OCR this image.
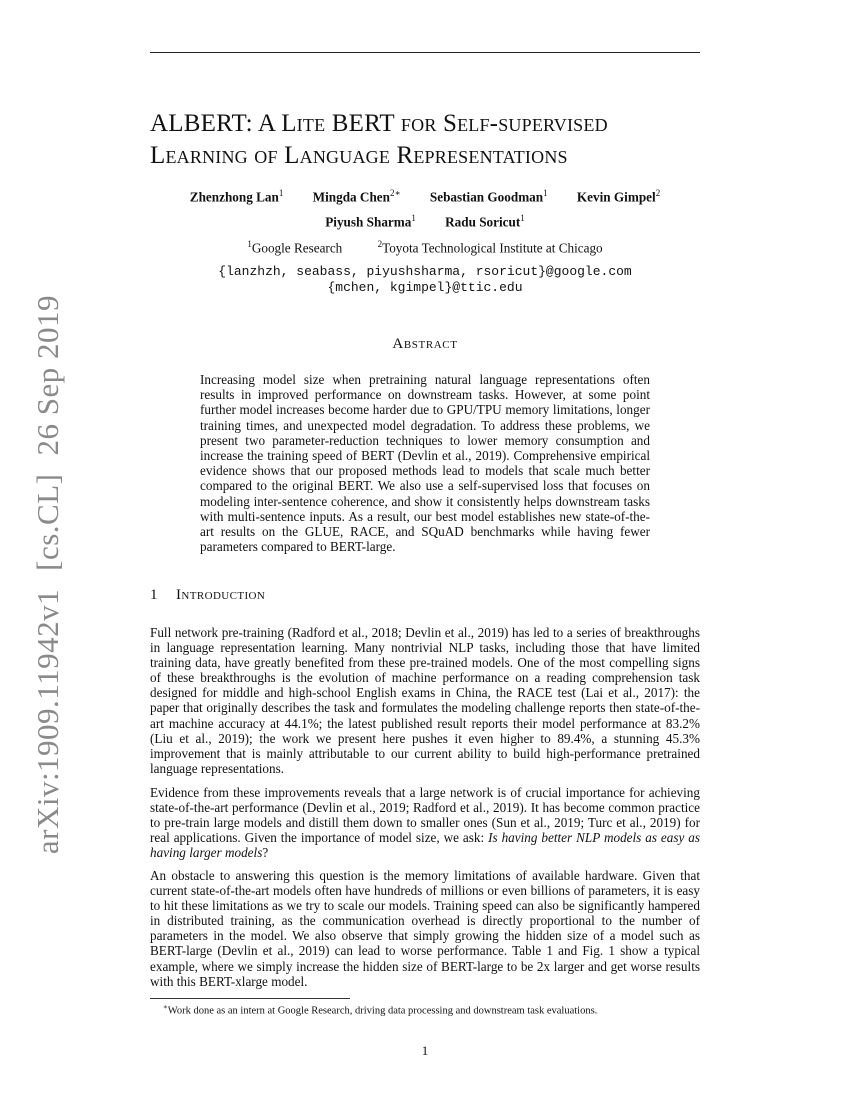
arXiv:1909.11942v1[cs.CL]26 Sep 2019
ALBERT: A Lite BERT for Self-supervised
Learning of Language Representations
Zhenzhong Lan$^1$ Mingda Chen$^{2∗}$ Sebastian Goodman$^1$ Kevin Gimpel$^2$
Piyush Sharma$^1$ Radu Soricut$^1$
$^1$Google Research	$^2$Toyota Technological Institute at Chicago
{lanzhzh, seabass, piyushsharma, rsoricut}@google.com
{mchen, kgimpel}@ttic.edu
Abstract
Increasing model size when pretraining natural language representations often results in improved performance on downstream tasks. However, at some point further model increases become harder due to GPU/TPU memory limitations, longer training times, and unexpected model degradation. To address these problems, we present two parameter-reduction techniques to lower memory consumption and increase the training speed of BERT (Devlin et al., 2019). Comprehensive empirical evidence shows that our proposed methods lead to models that scale much better compared to the original BERT. We also use a self-supervised loss that focuses on modeling inter-sentence coherence, and show it consistently helps downstream tasks with multi-sentence inputs. As a result, our best model establishes new state-of-the-art results on the GLUE, RACE, and SQuAD benchmarks while having fewer parameters compared to BERT-large.
1 Introduction

Full network pre-training (Radford et al., 2018; Devlin et al., 2019) has led to a series of breakthroughs in language representation learning. Many nontrivial NLP tasks, including those that have limited training data, have greatly benefited from these pre-trained models. One of the most compelling signs of these breakthroughs is the evolution of machine performance on a reading comprehension task designed for middle and high-school English exams in China, the RACE test (Lai et al., 2017): the paper that originally describes the task and formulates the modeling challenge reports then state-of-the-art machine accuracy at 44.1%; the latest published result reports their model performance at 83.2% (Liu et al., 2019); the work we present here pushes it even higher to 89.4%, a stunning 45.3% improvement that is mainly attributable to our current ability to build high-performance pretrained language representations.

Evidence from these improvements reveals that a large network is of crucial importance for achieving state-of-the-art performance (Devlin et al., 2019; Radford et al., 2019). It has become common practice to pre-train large models and distill them down to smaller ones (Sun et al., 2019; Turc et al., 2019) for real applications. Given the importance of model size, we ask: Is having better NLP models as easy as having larger models?

An obstacle to answering this question is the memory limitations of available hardware. Given that current state-of-the-art models often have hundreds of millions or even billions of parameters, it is easy to hit these limitations as we try to scale our models. Training speed can also be significantly hampered in distributed training, as the communication overhead is directly proportional to the number of parameters in the model. We also observe that simply growing the hidden size of a model such as BERT-large (Devlin et al., 2019) can lead to worse performance. Table 1 and Fig. 1 show a typical example, where we simply increase the hidden size of BERT-large to be 2x larger and get worse results with this BERT-xlarge model.

∗Work done as an intern at Google Research, driving data processing and downstream task evaluations.
1
